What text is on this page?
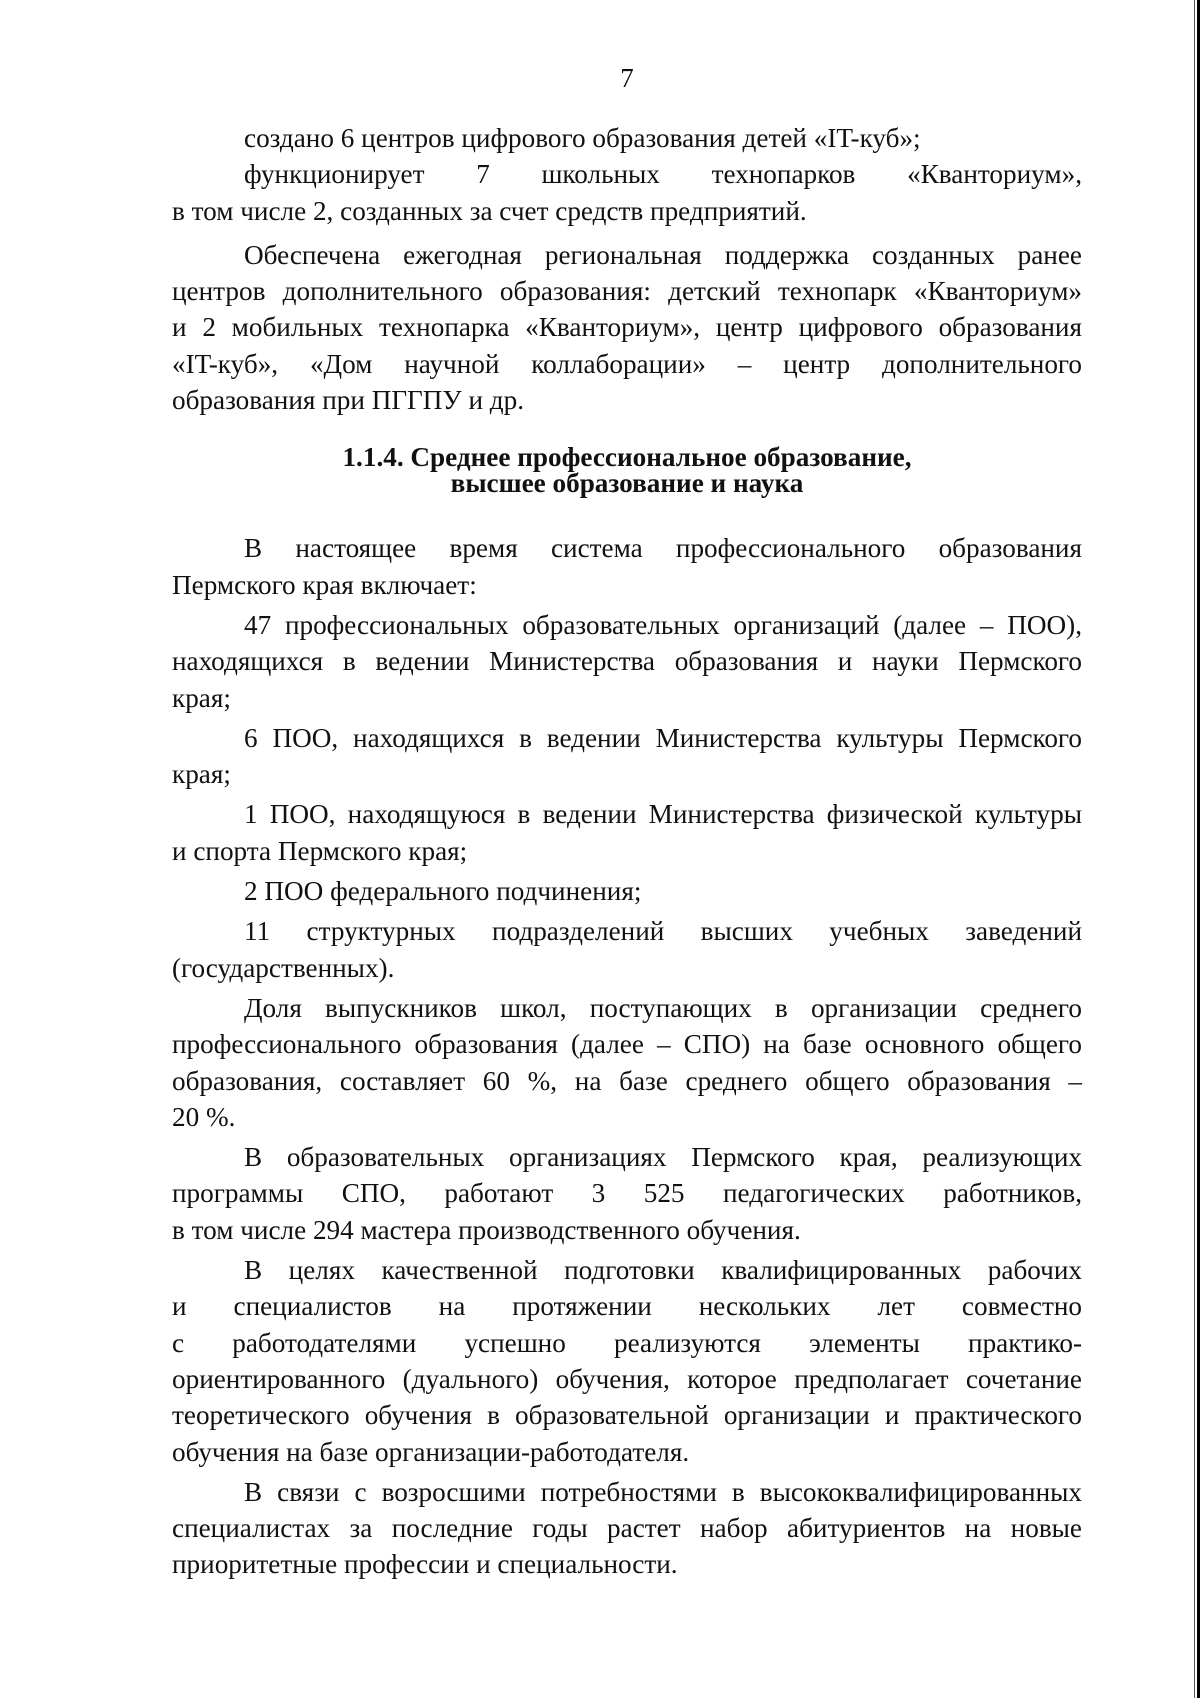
7
создано 6 центров цифрового образования детей «IT-куб»;
функционирует 7 школьных технопарков «Кванториум»,
в том числе 2, созданных за счет средств предприятий.
Обеспечена ежегодная региональная поддержка созданных ранее
центров дополнительного образования: детский технопарк «Кванториум»
и 2 мобильных технопарка «Кванториум», центр цифрового образования
«IT-куб», «Дом научной коллаборации» – центр дополнительного
образования при ПГГПУ и др.
1.1.4. Среднее профессиональное образование,
высшее образование и наука
В настоящее время система профессионального образования
Пермского края включает:
47 профессиональных образовательных организаций (далее – ПОО),
находящихся в ведении Министерства образования и науки Пермского
края;
6 ПОО, находящихся в ведении Министерства культуры Пермского
края;
1 ПОО, находящуюся в ведении Министерства физической культуры
и спорта Пермского края;
2 ПОО федерального подчинения;
11 структурных подразделений высших учебных заведений
(государственных).
Доля выпускников школ, поступающих в организации среднего
профессионального образования (далее – СПО) на базе основного общего
образования, составляет 60 %, на базе среднего общего образования –
20 %.
В образовательных организациях Пермского края, реализующих
программы СПО, работают 3 525 педагогических работников,
в том числе 294 мастера производственного обучения.
В целях качественной подготовки квалифицированных рабочих
и специалистов на протяжении нескольких лет совместно
с работодателями успешно реализуются элементы практико-
ориентированного (дуального) обучения, которое предполагает сочетание
теоретического обучения в образовательной организации и практического
обучения на базе организации-работодателя.
В связи с возросшими потребностями в высококвалифицированных
специалистах за последние годы растет набор абитуриентов на новые
приоритетные профессии и специальности.
